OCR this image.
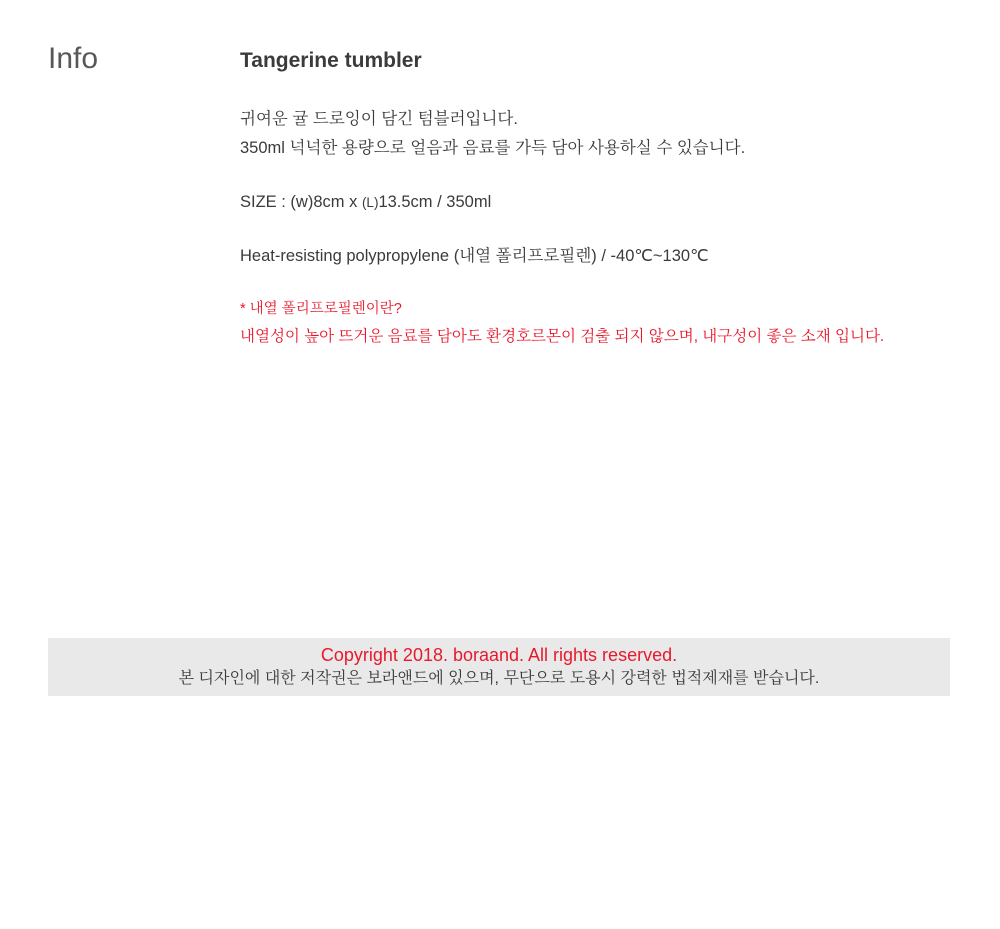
Info	Tangerine tumbler
귀여운 귤 드로잉이 담긴 텀블러입니다.
350ml 넉넉한 용량으로 얼음과 음료를 가득 담아 사용하실 수 있습니다.
SIZE : (w)8cm x (L)13.5cm / 350ml
Heat-resisting polypropylene (내열 폴리프로필렌) / -40℃~130℃
* 내열 폴리프로필렌이란?
내열성이 높아 뜨거운 음료를 담아도 환경호르몬이 검출 되지 않으며, 내구성이 좋은 소재 입니다.
Copyright 2018. boraand. All rights reserved.
본 디자인에 대한 저작권은 보라앤드에 있으며, 무단으로 도용시 강력한 법적제재를 받습니다.
